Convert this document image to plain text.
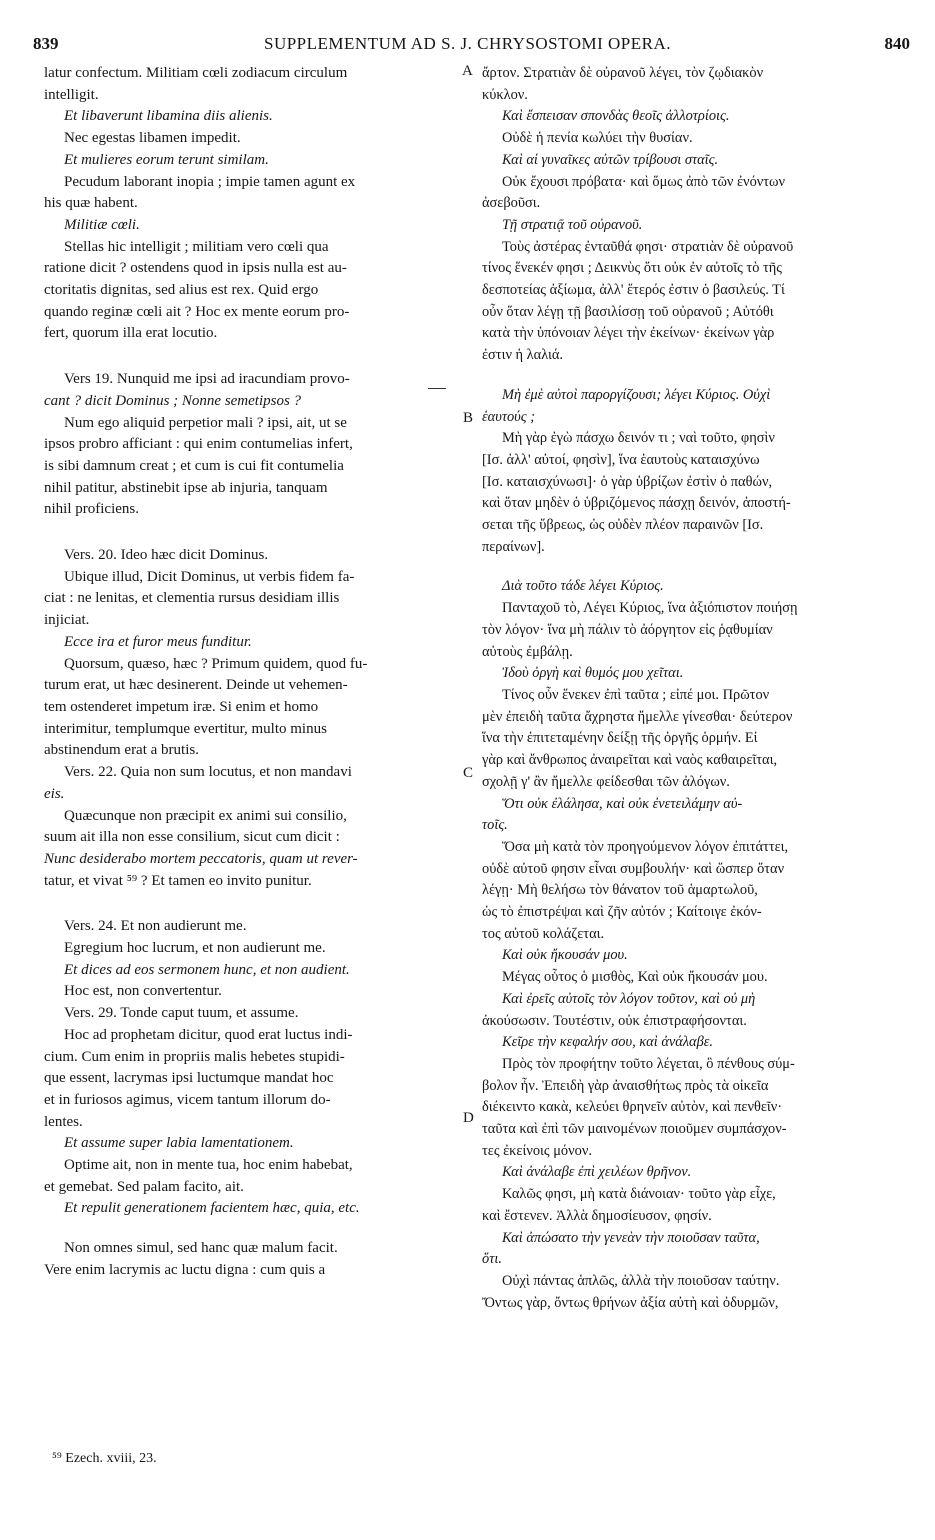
839	SUPPLEMENTUM AD S. J. CHRYSOSTOMI OPERA.	840
latur confectum. Militiam cœli zodiacum circulum
intelligit.
Et libaverunt libamina diis alienis.
Nec egestas libamen impedit.
Et mulieres eorum terunt similam.
Pecudum laborant inopia ; impie tamen agunt ex
his quæ habent.
Militiæ cœli.
Stellas hic intelligit ; militiam vero cœli qua
ratione dicit ? ostendens quod in ipsis nulla est au-
ctoritatis dignitas, sed alius est rex. Quid ergo
quando reginæ cœli ait ? Hoc ex mente eorum pro-
fert, quorum illa erat locutio.
Vers 19. Nunquid me ipsi ad iracundiam provo-
cant ? dicit Dominus ; Nonne semetipsos ?
Num ego aliquid perpetior mali ? ipsi, ait, ut se
ipsos probro afficiant : qui enim contumelias infert,
is sibi damnum creat ; et cum is cui fit contumelia
nihil patitur, abstinebit ipse ab injuria, tanquam
nihil proficiens.
Vers. 20. Ideo hæc dicit Dominus.
Ubique illud, Dicit Dominus, ut verbis fidem fa-
ciat : ne lenitas, et clementia rursus desidiam illis
injiciat.
Ecce ira et furor meus funditur.
Quorsum, quæso, hæc ? Primum quidem, quod fu-
turum erat, ut hæc desinerent. Deinde ut vehemen-
tem ostenderet impetum iræ. Si enim et homo
interimitur, templumque evertitur, multo minus
abstinendum erat a brutis.
Vers. 22. Quia non sum locutus, et non mandavi
eis.
Quæcunque non præcipit ex animi sui consilio,
suum ait illa non esse consilium, sicut cum dicit :
Nunc desiderabo mortem peccatoris, quam ut rever-
tatur, et vivat ⁵⁹ ? Et tamen eo invito punitur.
Vers. 24. Et non audierunt me.
Egregium hoc lucrum, et non audierunt me.
Et dices ad eos sermonem hunc, et non audient.
Hoc est, non convertentur.
Vers. 29. Tonde caput tuum, et assume.
Hoc ad prophetam dicitur, quod erat luctus indi-
cium. Cum enim in propriis malis hebetes stupidi-
que essent, lacrymas ipsi luctumque mandat hoc
et in furiosos agimus, vicem tantum illorum do-
lentes.
Et assume super labia lamentationem.
Optime ait, non in mente tua, hoc enim habebat,
et gemebat. Sed palam facito, ait.
Et repulit generationem facientem hæc, quia, etc.
Non omnes simul, sed hanc quæ malum facit.
Vere enim lacrymis ac luctu digna : cum quis a
ἄρτον. Στρατιὰν δὲ οὐρανοῦ λέγει, τὸν ζῳδιακὸν
κύκλον.
Καὶ ἔσπεισαν σπονδὰς θεοῖς ἀλλοτρίοις.
Οὐδὲ ἡ πενία κωλύει τὴν θυσίαν.
Καὶ αἱ γυναῖκες αὐτῶν τρίβουσι σταῖς.
Οὐκ ἔχουσι πρόβατα· καὶ ὅμως ἀπὸ τῶν ἐνόντων
ἀσεβοῦσι.
Τῇ στρατιᾷ τοῦ οὐρανοῦ.
Τοὺς ἀστέρας ἐνταῦθά φησι· στρατιὰν δὲ οὐρανοῦ
τίνος ἕνεκέν φησι ; Δεικνὺς ὅτι οὐκ ἐν αὐτοῖς τὸ τῆς
δεσποτείας ἀξίωμα, ἀλλ' ἕτερός ἐστιν ὁ βασιλεύς. Τί
οὖν ὅταν λέγῃ τῇ βασιλίσσῃ τοῦ οὐρανοῦ ; Αὐτόθι
κατὰ τὴν ὑπόνοιαν λέγει τὴν ἐκείνων· ἐκείνων γὰρ
ἐστιν ἡ λαλιά.
Μὴ ἐμὲ αὐτοὶ παροργίζουσι; λέγει Κύριος. Οὐχὶ
ἑαυτούς ;
Μὴ γὰρ ἐγὼ πάσχω δεινόν τι ; ναὶ τοῦτο, φησὶν
[Ισ. ἀλλ' αὐτοί, φησὶν], ἵνα ἑαυτοὺς καταισχύνω
[Ισ. καταισχύνωσι]· ὁ γὰρ ὑβρίζων ἐστὶν ὁ παθών,
καὶ ὅταν μηδὲν ὁ ὑβριζόμενος πάσχῃ δεινόν, ἀποστή-
σεται τῆς ὕβρεως, ὡς οὐδὲν πλέον παραινῶν [Ισ.
περαίνων].
Διὰ τοῦτο τάδε λέγει Κύριος.
Πανταχοῦ τὸ, Λέγει Κύριος, ἵνα ἀξιόπιστον ποιήσῃ
τὸν λόγον· ἵνα μὴ πάλιν τὸ ἀόργητον εἰς ῥᾳθυμίαν
αὐτοὺς ἐμβάλῃ.
Ἰδοὺ ὀργὴ καὶ θυμός μου χεῖται.
Τίνος οὖν ἕνεκεν ἐπὶ ταῦτα ; εἰπέ μοι. Πρῶτον
μὲν ἐπειδὴ ταῦτα ἄχρηστα ἤμελλε γίνεσθαι· δεύτερον
ἵνα τὴν ἐπιτεταμένην δείξῃ τῆς ὀργῆς ὁρμήν. Εἰ
γὰρ καὶ ἄνθρωπος ἀναιρεῖται καὶ ναὸς καθαιρεῖται,
σχολῇ γ' ἂν ἤμελλε φείδεσθαι τῶν ἀλόγων.
Ὅτι οὐκ ἐλάλησα, καὶ οὐκ ἐνετειλάμην αὐ-
τοῖς.
Ὅσα μὴ κατὰ τὸν προηγούμενον λόγον ἐπιτάττει,
οὐδὲ αὐτοῦ φησιν εἶναι συμβουλήν· καὶ ὥσπερ ὅταν
λέγῃ· Μὴ θελήσω τὸν θάνατον τοῦ ἁμαρτωλοῦ,
ὡς τὸ ἐπιστρέψαι καὶ ζῆν αὐτόν ; Καίτοιγε ἐκόν-
τος αὐτοῦ κολάζεται.
Καὶ οὐκ ἤκουσάν μου.
Μέγας οὗτος ὁ μισθὸς, Καὶ οὐκ ἤκουσάν μου.
Καὶ ἐρεῖς αὐτοῖς τὸν λόγον τοῦτον, καὶ οὐ μὴ
ἀκούσωσιν. Τουτέστιν, οὐκ ἐπιστραφήσονται.
Κεῖρε τὴν κεφαλήν σου, καὶ ἀνάλαβε.
Πρὸς τὸν προφήτην τοῦτο λέγεται, ὃ πένθους σύμ-
βολον ἦν. Ἐπειδὴ γὰρ ἀναισθήτως πρὸς τὰ οἰκεῖα
διέκειντο κακὰ, κελεύει θρηνεῖν αὐτὸν, καὶ πενθεῖν·
ταῦτα καὶ ἐπὶ τῶν μαινομένων ποιοῦμεν συμπάσχον-
τες ἐκείνοις μόνον.
Καὶ ἀνάλαβε ἐπὶ χειλέων θρῆνον.
Καλῶς φησι, μὴ κατὰ διάνοιαν· τοῦτο γὰρ εἶχε,
καὶ ἔστενεν. Ἀλλὰ δημοσίευσον, φησίν.
Καὶ ἀπώσατο τὴν γενεὰν τὴν ποιοῦσαν ταῦτα,
ὅτι.
Οὐχὶ πάντας ἁπλῶς, ἀλλὰ τὴν ποιοῦσαν ταύτην.
Ὄντως γὰρ, ὄντως θρήνων ἀξία αὐτὴ καὶ ὀδυρμῶν,
A
B
C
D
⁵⁹ Ezech. xviii, 23.
